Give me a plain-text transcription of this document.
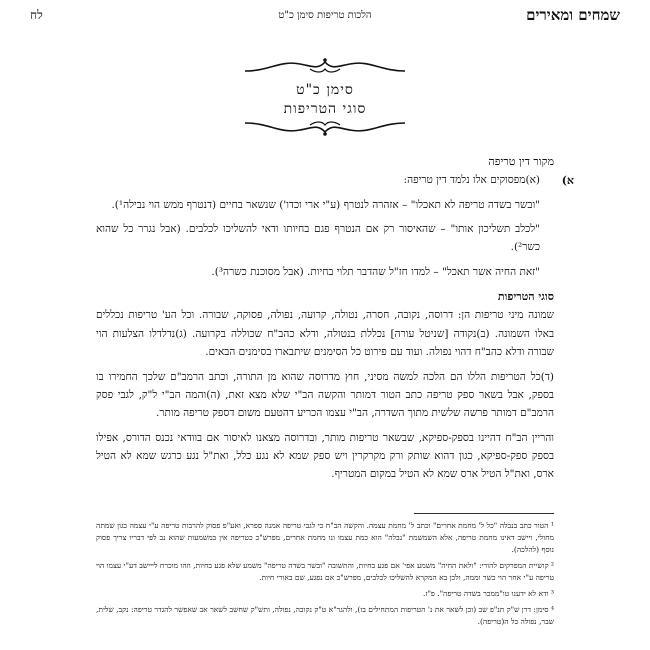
שמחים ומאירים
הלכות טריפות סימן כ"ט
לח
סימן כ"ט
סוגי הטריפות
מקור דין טריפה
א)

(א)מפסוקים אלו נלמד דין טריפה:

"ובשר בשדה טריפה לא תאכלו" – אזהרה לנטרף (ע"י ארי וכדו') שנשאר בחיים (דנטרף ממש הוי נבילה¹).

"לכלב תשליכון אותו" – שהאיסור רק אם הנטרף פגם בחיותו ודאי להשליכו לכלבים. (אבל נגרר כל שהוא כשר²).

"זאת החיה אשר תאכל" – למדו חז"ל שהדבר תלוי בחיות. (אבל מסוכנת כשרה³).

סוגי הטריפות

שמונה מיני טריפות הן: דרוסה, נקובה, חסרה, נטולה, קרועה, נפולה, פסוקה, שבורה. וכל הע' טריפות נכללים באלו השמונה. (ב)נקודה [שניטל עורה] נכללת בנטולה, ודלא כהב"ח שכוללה בקרועה. (ג)נדלדלו הצלעות הוי שבורה ודלא כהב"ח דהוי נפולה. ועוד עם פירוט כל הסימנים שיתבארו בסימנים הבאים.

(ד)כל הטריפות הללו הם הלכה למשה מסיני, חוץ מדרוסה שהוא מן התורה, וכתב הרמב"ם שלכך החמירו בו בספק, אבל בשאר ספק טריפה כתב הטור דמותר והקשה הב"י שלא מצא זאת, (ה)והמה הב"י ל"ק, לגבי פסק הרמב"ם דמותר פרשה שלשית מתוך השדרה, הב"י עצמו הכריע דהטעם משום דספק טריפה מותר.

והריין הב"ח דהיינו בספק-ספיקא, שבשאר טריפות מותר, ובדרוסה מצאנו לאיסור אם בוודאי נכנס הדורס, אפילו בספק ספק-ספיקא, כגון דהוא שותק ורק מקרקרין ויש ספק שמא לא נגע כלל, ואת"ל נגע כרגש שמא לא הטיל ארס, ואת"ל הטיל ארס שמא לא הטיל במקום המטריף.

¹ הטור כתב בנבלה "כל ל' מחמת אחרים" וכתב ל' מחמת עצמה. והקשה הב"ח כי לגבי טריפה אמנה ספרא, ואע"פ פסוק להרבות טריפה ע"י עצמה כגון שמתה מחולי, ויישב דאינו מחמת טריפה, אלא השמשמת "נבלה" הוא כמת עצמו ונו מחמת אחרים, מפרש"כ כטריפה אין במשמעות שהוא נב לפי דבריו צריך פסוק נוסף (להלכה).

² קושיית המפרקים להורי: "ולאת החיה" משמע אפי' אם פגע בחיות, והתשובה "ובשר בשדה טריפה" משמע שלא פגע בחיות, וזהו מוכרח לייישב דע"י עצמו הוי טריפה ע"י אחר הוי כשר וממה, ולכן בא המקרא להשליכו לכלבים, מפרש"כ אם נפגע, שם באורי חיות.

³ ודא לא ידענו טו"ממכר בשדה טריפה". פ"ז.

⁴ סימן: דרן ש"ק חנ"פ שב (וכן לשאר את נ' הטריפות המתחילים בו), ולהגר"א ט"ק נקובה, נפולה, ותש"ק שחשב לשאר אב שאפשר להגדר טריפה: נקב, שלית, שבר, נפולה כל ה(טריפה).
